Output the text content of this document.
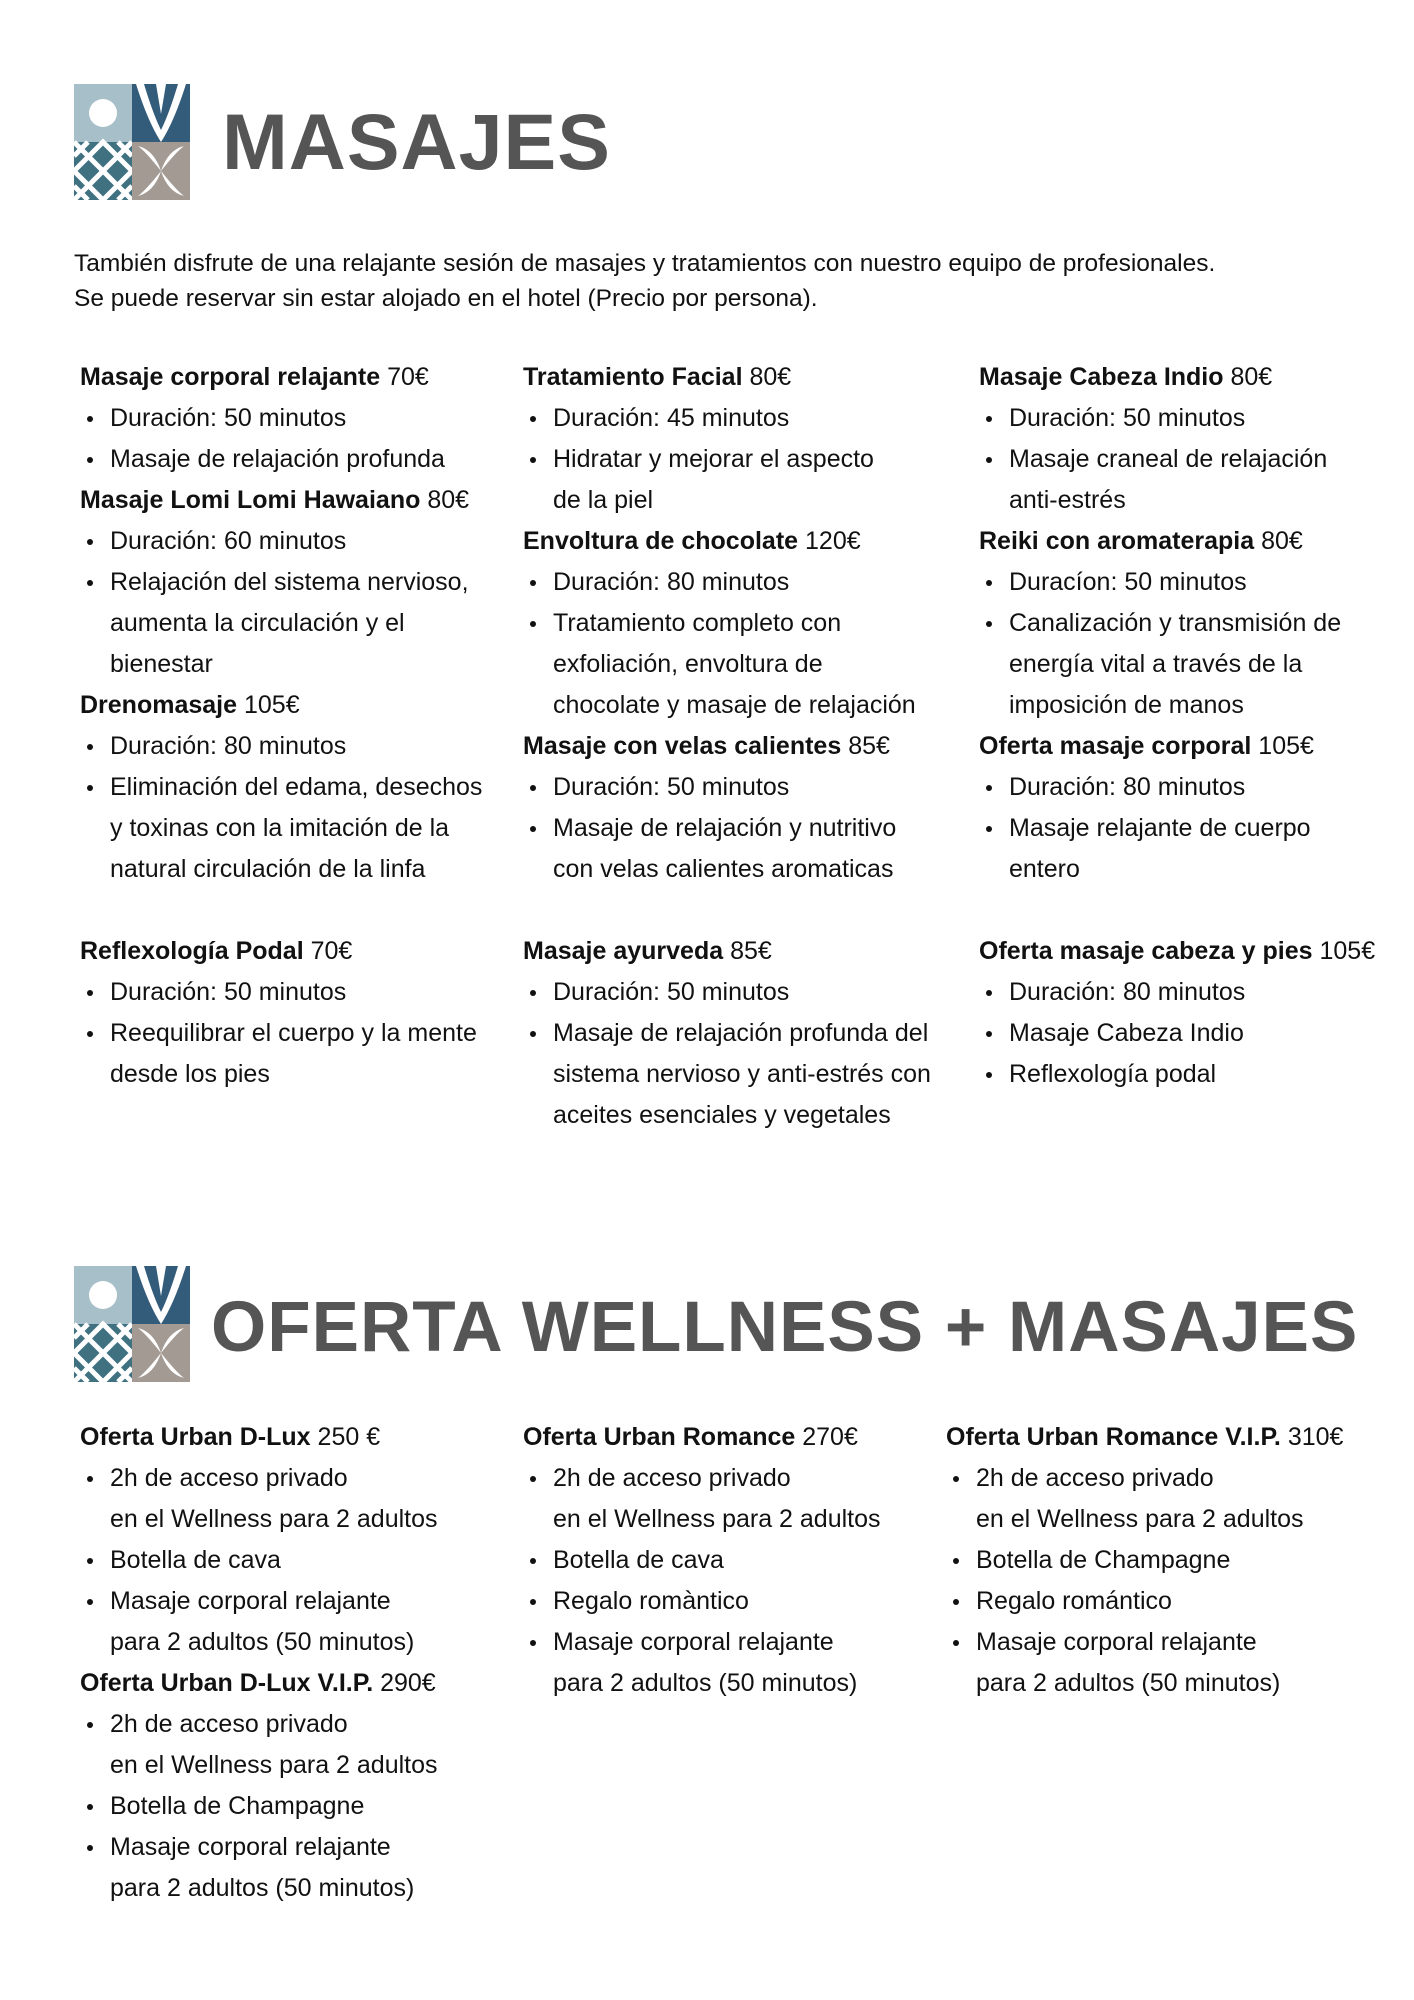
MASAJES

También disfrute de una relajante sesión de masajes y tratamientos con nuestro equipo de profesionales.
Se puede reservar sin estar alojado en el hotel (Precio por persona).

Masaje corporal relajante 70€
Duración: 50 minutos
Masaje de relajación profunda
Masaje Lomi Lomi Hawaiano 80€
Duración: 60 minutos
Relajación del sistema nervioso,
aumenta la circulación y el
bienestar
Drenomasaje 105€
Duración: 80 minutos
Eliminación del edama, desechos
y toxinas con la imitación de la
natural circulación de la linfa
Reflexología Podal 70€
Duración: 50 minutos
Reequilibrar el cuerpo y la mente
desde los pies
Tratamiento Facial 80€
Duración: 45 minutos
Hidratar y mejorar el aspecto
de la piel
Envoltura de chocolate 120€
Duración: 80 minutos
Tratamiento completo con
exfoliación, envoltura de
chocolate y masaje de relajación
Masaje con velas calientes 85€
Duración: 50 minutos
Masaje de relajación y nutritivo
con velas calientes aromaticas
Masaje ayurveda 85€
Duración: 50 minutos
Masaje de relajación profunda del
sistema nervioso y anti-estrés con
aceites esenciales y vegetales
Masaje Cabeza Indio 80€
Duración: 50 minutos
Masaje craneal de relajación
anti-estrés
Reiki con aromaterapia 80€
Duracíon: 50 minutos
Canalización y transmisión de
energía vital a través de la
imposición de manos
Oferta masaje corporal 105€
Duración: 80 minutos
Masaje relajante de cuerpo
entero
Oferta masaje cabeza y pies 105€
Duración: 80 minutos
Masaje Cabeza Indio
Reflexología podal
OFERTA WELLNESS + MASAJES
Oferta Urban D-Lux 250 €
2h de acceso privado
en el Wellness para 2 adultos
Botella de cava
Masaje corporal relajante
para 2 adultos (50 minutos)
Oferta Urban D-Lux V.I.P. 290€
2h de acceso privado
en el Wellness para 2 adultos
Botella de Champagne
Masaje corporal relajante
para 2 adultos (50 minutos)
Oferta Urban Romance 270€
2h de acceso privado
en el Wellness para 2 adultos
Botella de cava
Regalo romàntico
Masaje corporal relajante
para 2 adultos (50 minutos)
Oferta Urban Romance V.I.P. 310€
2h de acceso privado
en el Wellness para 2 adultos
Botella de Champagne
Regalo romántico
Masaje corporal relajante
para 2 adultos (50 minutos)
